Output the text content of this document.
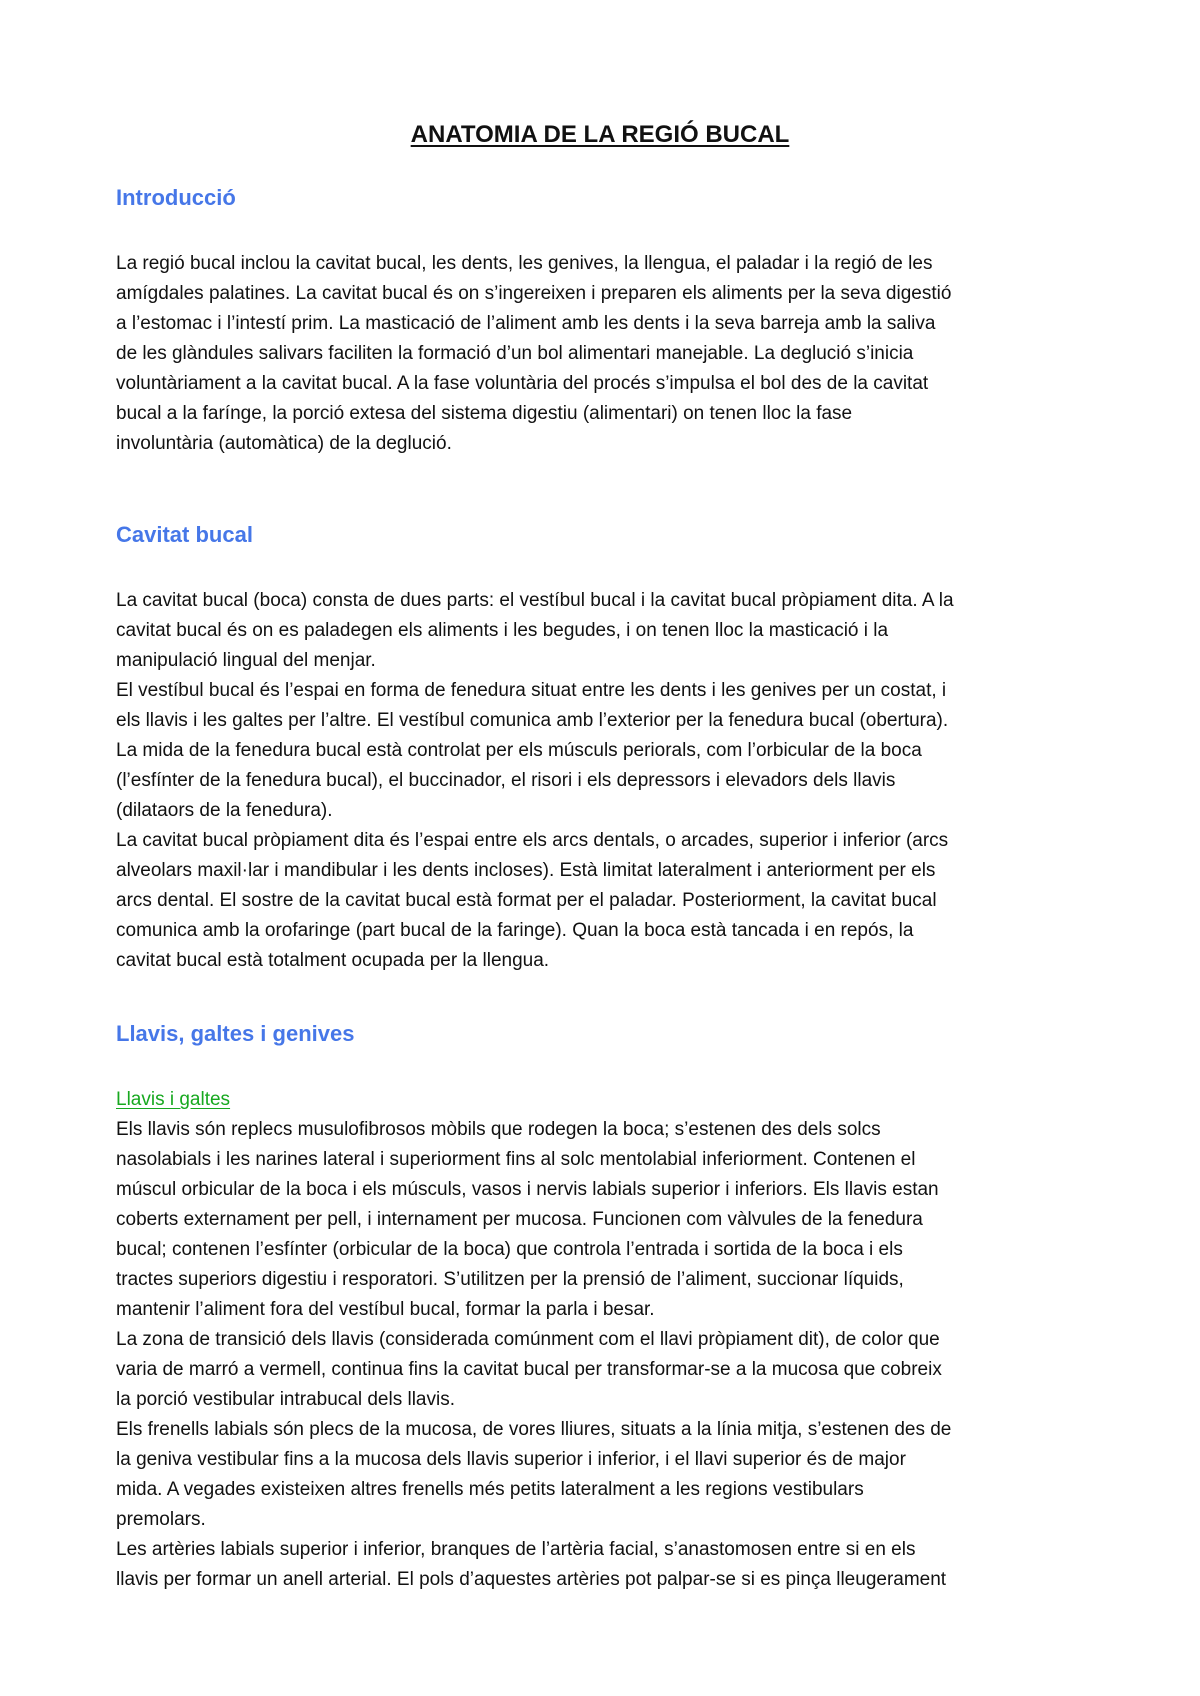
ANATOMIA DE LA REGIÓ BUCAL
Introducció
La regió bucal inclou la cavitat bucal, les dents, les genives, la llengua, el paladar i la regió de les
amígdales palatines. La cavitat bucal és on s’ingereixen i preparen els aliments per la seva digestió
a l’estomac i l’intestí prim. La masticació de l’aliment amb les dents i la seva barreja amb la saliva
de les glàndules salivars faciliten la formació d’un bol alimentari manejable. La deglució s’inicia
voluntàriament a la cavitat bucal. A la fase voluntària del procés s’impulsa el bol des de la cavitat
bucal a la farínge, la porció extesa del sistema digestiu (alimentari) on tenen lloc la fase
involuntària (automàtica) de la deglució.
Cavitat bucal
La cavitat bucal (boca) consta de dues parts: el vestíbul bucal i la cavitat bucal pròpiament dita. A la
cavitat bucal és on es paladegen els aliments i les begudes, i on tenen lloc la masticació i la
manipulació lingual del menjar.
El vestíbul bucal és l’espai en forma de fenedura situat entre les dents i les genives per un costat, i
els llavis i les galtes per l’altre. El vestíbul comunica amb l’exterior per la fenedura bucal (obertura).
La mida de la fenedura bucal està controlat per els músculs periorals, com l’orbicular de la boca
(l’esfínter de la fenedura bucal), el buccinador, el risori i els depressors i elevadors dels llavis
(dilataors de la fenedura).
La cavitat bucal pròpiament dita és l’espai entre els arcs dentals, o arcades, superior i inferior (arcs
alveolars maxil·lar i mandibular i les dents incloses). Està limitat lateralment i anteriorment per els
arcs dental. El sostre de la cavitat bucal està format per el paladar. Posteriorment, la cavitat bucal
comunica amb la orofaringe (part bucal de la faringe). Quan la boca està tancada i en repós, la
cavitat bucal està totalment ocupada per la llengua.
Llavis, galtes i genives
Llavis i galtes
Els llavis són replecs musulofibrosos mòbils que rodegen la boca; s’estenen des dels solcs
nasolabials i les narines lateral i superiorment fins al solc mentolabial inferiorment. Contenen el
múscul orbicular de la boca i els músculs, vasos i nervis labials superior i inferiors. Els llavis estan
coberts externament per pell, i internament per mucosa. Funcionen com vàlvules de la fenedura
bucal; contenen l’esfínter (orbicular de la boca) que controla l’entrada i sortida de la boca i els
tractes superiors digestiu i resporatori. S’utilitzen per la prensió de l’aliment, succionar líquids,
mantenir l’aliment fora del vestíbul bucal, formar la parla i besar.
La zona de transició dels llavis (considerada comúnment com el llavi pròpiament dit), de color que
varia de marró a vermell, continua fins la cavitat bucal per transformar-se a la mucosa que cobreix
la porció vestibular intrabucal dels llavis.
Els frenells labials són plecs de la mucosa, de vores lliures, situats a la línia mitja, s’estenen des de
la geniva vestibular fins a la mucosa dels llavis superior i inferior, i el llavi superior és de major
mida. A vegades existeixen altres frenells més petits lateralment a les regions vestibulars
premolars.
Les artèries labials superior i inferior, branques de l’artèria facial, s’anastomosen entre si en els
llavis per formar un anell arterial. El pols d’aquestes artèries pot palpar-se si es pinça lleugerament
